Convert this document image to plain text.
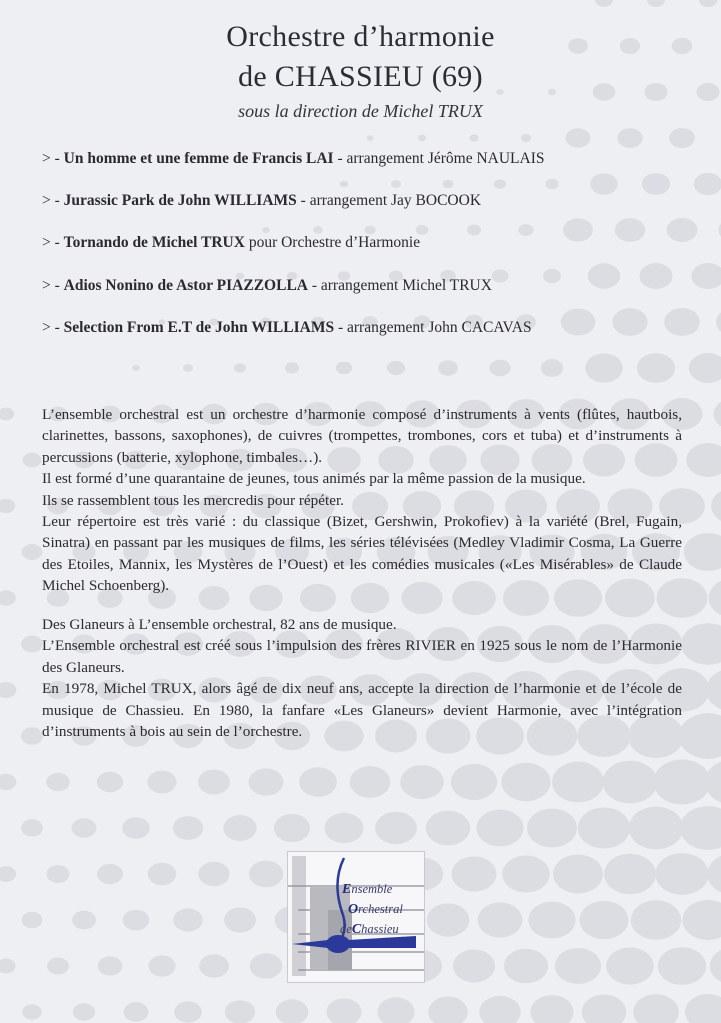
Orchestre d’harmonie
de CHASSIEU (69)
sous la direction de Michel TRUX
> - Un homme et une femme de Francis LAI - arrangement Jérôme NAULAIS
> - Jurassic Park de John WILLIAMS - arrangement Jay BOCOOK
> - Tornando de Michel TRUX pour Orchestre d’Harmonie
> - Adios Nonino de Astor PIAZZOLLA - arrangement Michel TRUX
> - Selection From E.T de John WILLIAMS - arrangement John CACAVAS

L’ensemble orchestral est un orchestre d’harmonie composé d’instruments à vents (flûtes, hautbois, clarinettes, bassons, saxophones), de cuivres (trompettes, trombones, cors et tuba) et d’instruments à percussions (batterie, xylophone, timbales…).

Il est formé d’une quarantaine de jeunes, tous animés par la même passion de la musique.

Ils se rassemblent tous les mercredis pour répéter.

Leur répertoire est très varié : du classique (Bizet, Gershwin, Prokofiev) à la variété (Brel, Fugain, Sinatra) en passant par les musiques de films, les séries télévisées (Medley Vladimir Cosma, La Guerre des Etoiles, Mannix, les Mystères de l’Ouest) et les comédies musicales («Les Misérables» de Claude Michel Schoenberg).

Des Glaneurs à L’ensemble orchestral, 82 ans de musique.

L’Ensemble orchestral est créé sous l’impulsion des frères RIVIER en 1925 sous le nom de l’Harmonie des Glaneurs.

En 1978, Michel TRUX, alors âgé de dix neuf ans, accepte la direction de l’harmonie et de l’école de musique de Chassieu. En 1980, la fanfare «Les Glaneurs» devient Harmonie, avec l’intégration d’instruments à bois au sein de l’orchestre.

Ensemble
Orchestral
deChassieu
